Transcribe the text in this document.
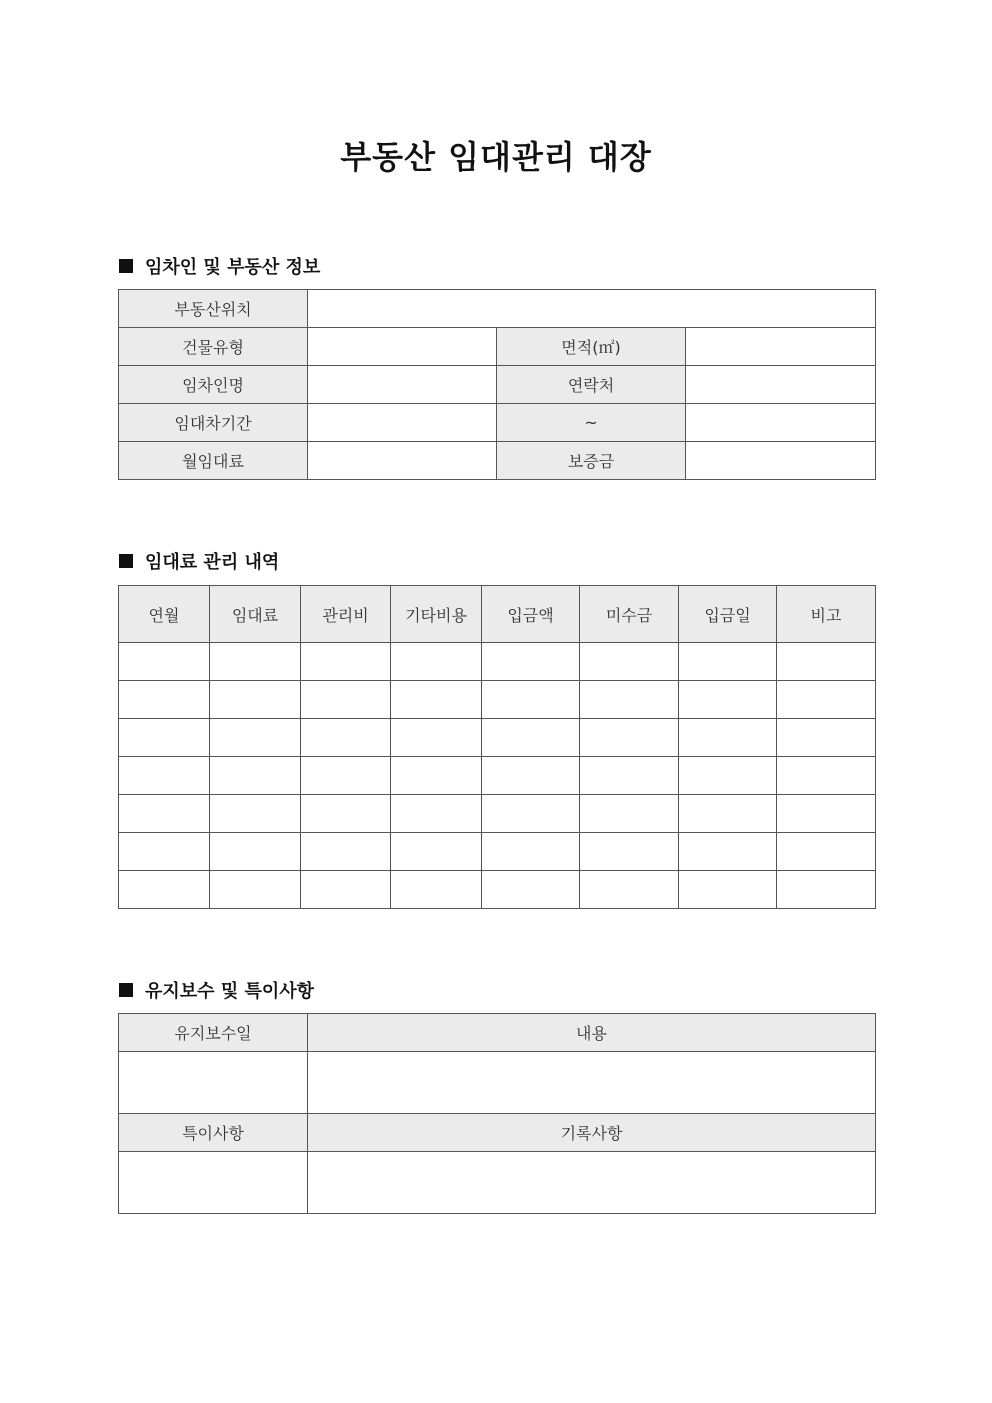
부동산 임대관리 대장
임차인 및 부동산 정보
부동산위치			
건물유형		면적(㎡)	
임차인명		연락처	
임대차기간		~	
월임대료		보증금	
임대료 관리 내역
연월	임대료	관리비	기타비용	입금액	미수금	입금일	비고

유지보수 및 특이사항
유지보수일	내용

특이사항	기록사항
